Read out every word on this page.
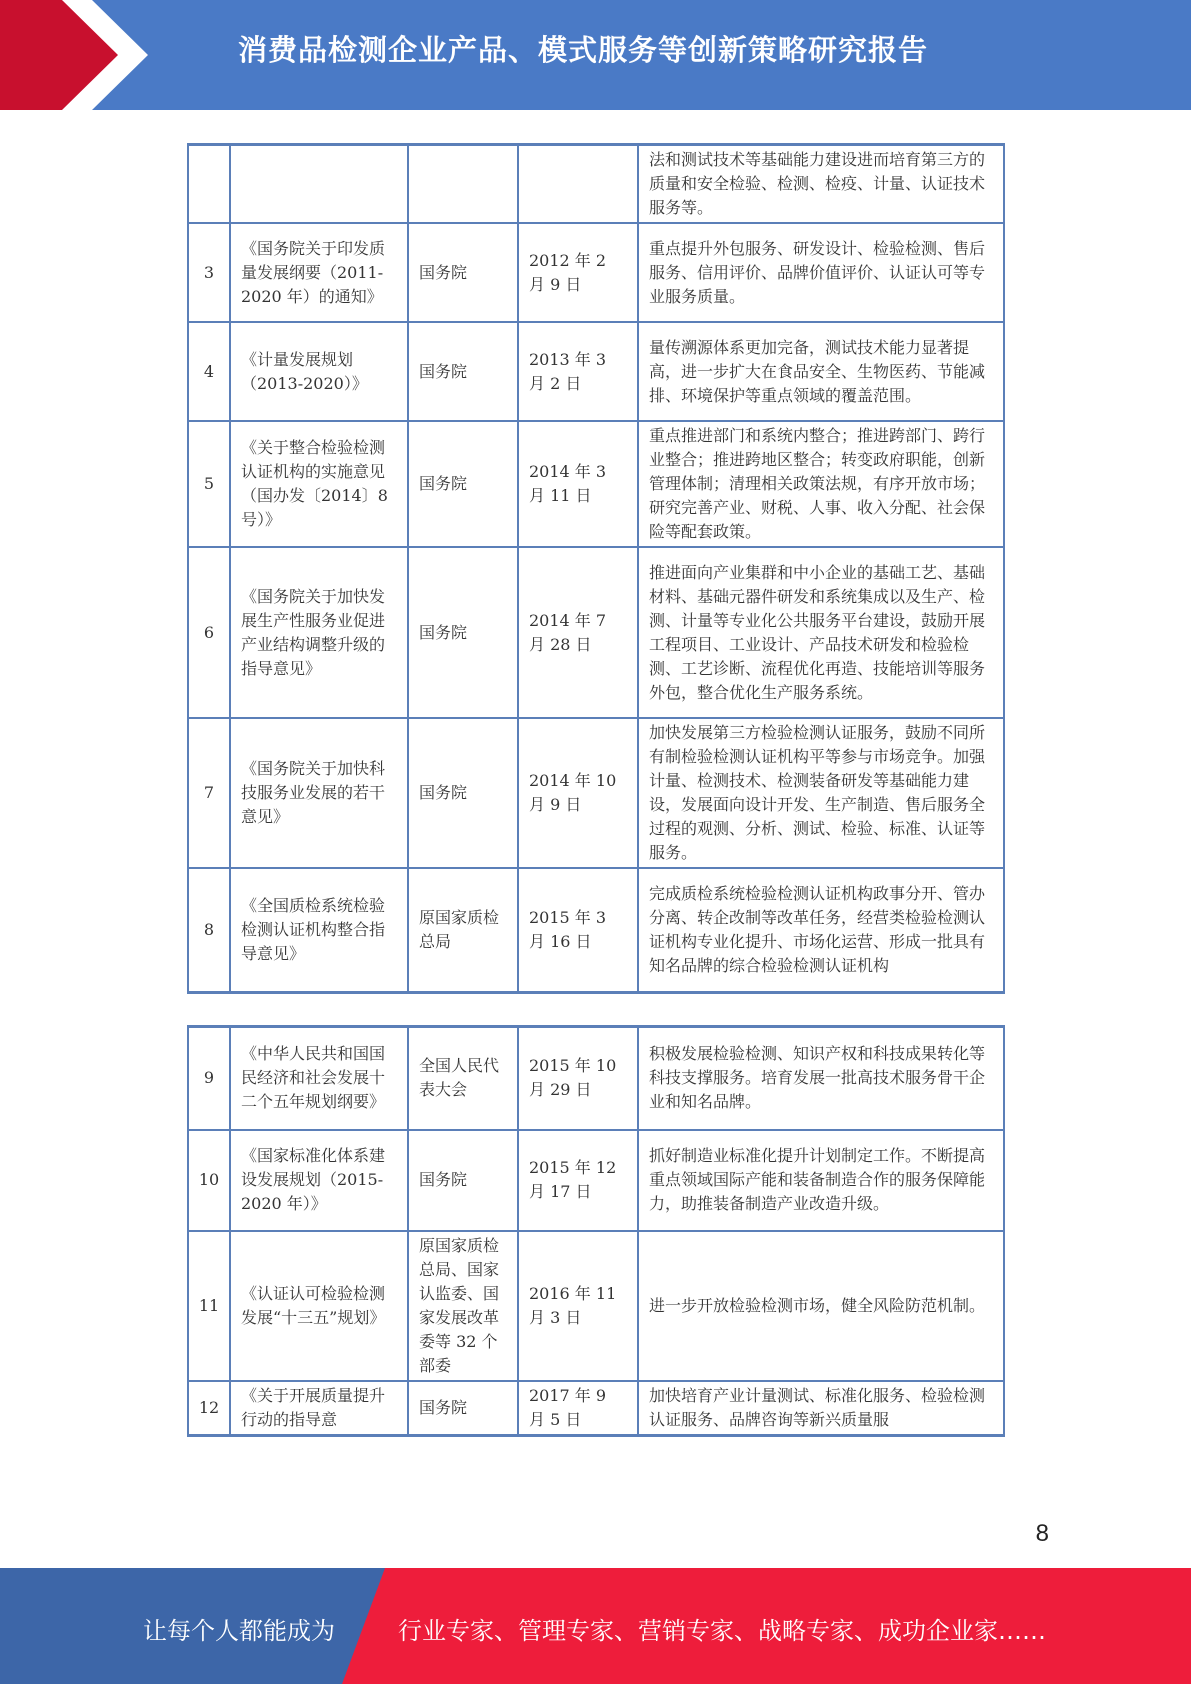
消费品检测企业产品、模式服务等创新策略研究报告
				法和测试技术等基础能力建设进而培育第三方的质量和安全检验、检测、检疫、计量、认证技术服务等。
3	《国务院关于印发质量发展纲要（2011-2020 年）的通知》	国务院	2012 年 2 月 9 日	重点提升外包服务、研发设计、检验检测、售后服务、信用评价、品牌价值评价、认证认可等专业服务质量。
4	《计量发展规划（2013-2020）》	国务院	2013 年 3 月 2 日	量传溯源体系更加完备，测试技术能力显著提高，进一步扩大在食品安全、生物医药、节能减排、环境保护等重点领域的覆盖范围。
5	《关于整合检验检测认证机构的实施意见（国办发〔2014〕8 号）》	国务院	2014 年 3 月 11 日	重点推进部门和系统内整合；推进跨部门、跨行业整合；推进跨地区整合；转变政府职能，创新管理体制；清理相关政策法规，有序开放市场；研究完善产业、财税、人事、收入分配、社会保险等配套政策。
6	《国务院关于加快发展生产性服务业促进产业结构调整升级的指导意见》	国务院	2014 年 7 月 28 日	推进面向产业集群和中小企业的基础工艺、基础材料、基础元器件研发和系统集成以及生产、检测、计量等专业化公共服务平台建设，鼓励开展工程项目、工业设计、产品技术研发和检验检测、工艺诊断、流程优化再造、技能培训等服务外包，整合优化生产服务系统。
7	《国务院关于加快科技服务业发展的若干意见》	国务院	2014 年 10 月 9 日	加快发展第三方检验检测认证服务，鼓励不同所有制检验检测认证机构平等参与市场竞争。加强计量、检测技术、检测装备研发等基础能力建设，发展面向设计开发、生产制造、售后服务全过程的观测、分析、测试、检验、标准、认证等服务。
8	《全国质检系统检验检测认证机构整合指导意见》	原国家质检总局	2015 年 3 月 16 日	完成质检系统检验检测认证机构政事分开、管办分离、转企改制等改革任务，经营类检验检测认证机构专业化提升、市场化运营、形成一批具有知名品牌的综合检验检测认证机构
9	《中华人民共和国国民经济和社会发展十二个五年规划纲要》	全国人民代表大会	2015 年 10 月 29 日	积极发展检验检测、知识产权和科技成果转化等科技支撑服务。培育发展一批高技术服务骨干企业和知名品牌。
10	《国家标准化体系建设发展规划（2015-2020 年）》	国务院	2015 年 12 月 17 日	抓好制造业标准化提升计划制定工作。不断提高重点领域国际产能和装备制造合作的服务保障能力，助推装备制造产业改造升级。
11	《认证认可检验检测发展“十三五”规划》	原国家质检总局、国家认监委、国家发展改革委等 32 个部委	2016 年 11 月 3 日	进一步开放检验检测市场，健全风险防范机制。
12	《关于开展质量提升行动的指导意	国务院	2017 年 9 月 5 日	加快培育产业计量测试、标准化服务、检验检测认证服务、品牌咨询等新兴质量服
8
让每个人都能成为	行业专家、管理专家、营销专家、战略专家、成功企业家……
